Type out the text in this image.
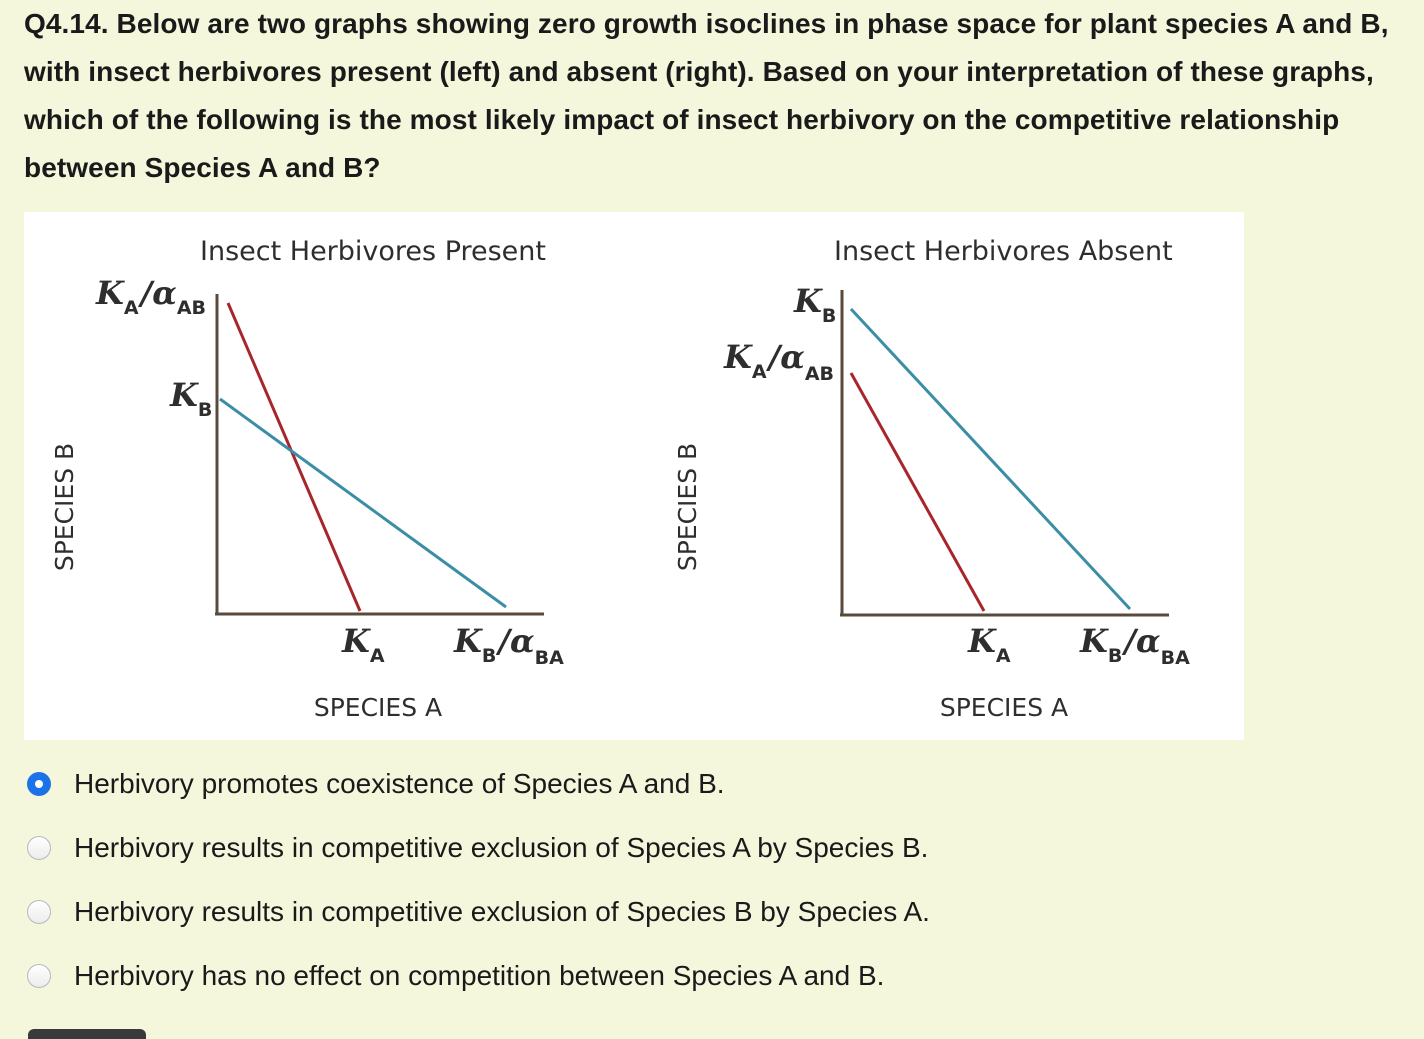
Q4.14. Below are two graphs showing zero growth isoclines in phase space for plant species A and B, with insect herbivores present (left) and absent (right). Based on your interpretation of these graphs, which of the following is the most likely impact of insect herbivory on the competitive relationship between Species A and B?
Insect Herbivores Present
SPECIES B
SPECIES A
$K_A/\alpha_{AB}$
$K_B$
$K_A$ $K_B/\alpha_{BA}$
Insect Herbivores Absent
SPECIES B
SPECIES A
$K_B$
$K_A/\alpha_{AB}$
$K_A$ $K_B/\alpha_{BA}$
Herbivory promotes coexistence of Species A and B.
Herbivory results in competitive exclusion of Species A by Species B.
Herbivory results in competitive exclusion of Species B by Species A.
Herbivory has no effect on competition between Species A and B.
